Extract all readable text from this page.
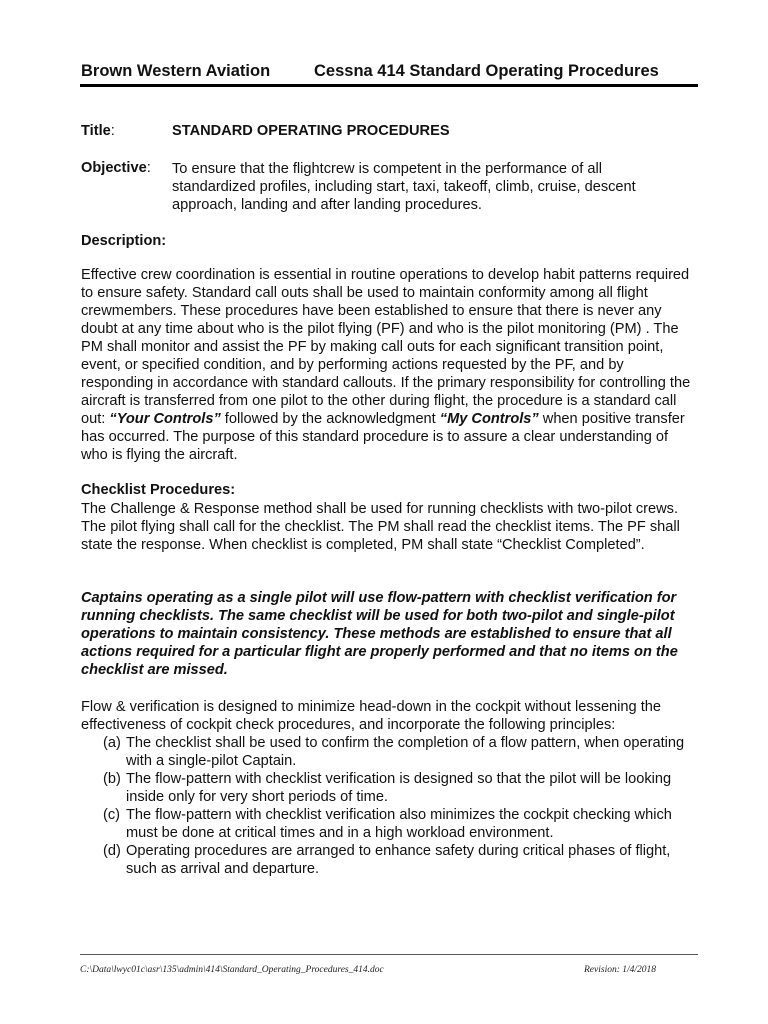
Brown Western Aviation	Cessna 414 Standard Operating Procedures
Title:	STANDARD OPERATING PROCEDURES
Objective: To ensure that the flightcrew is competent in the performance of all
standardized profiles, including start, taxi, takeoff, climb, cruise, descent
approach, landing and after landing procedures.
Description:

Effective crew coordination is essential in routine operations to develop habit patterns required to ensure safety. Standard call outs shall be used to maintain conformity among all flight crewmembers. These procedures have been established to ensure that there is never any doubt at any time about who is the pilot flying (PF) and who is the pilot monitoring (PM) . The PM shall monitor and assist the PF by making call outs for each significant transition point, event, or specified condition, and by performing actions requested by the PF, and by responding in accordance with standard callouts. If the primary responsibility for controlling the aircraft is transferred from one pilot to the other during flight, the procedure is a standard call out: “Your Controls” followed by the acknowledgment “My Controls” when positive transfer has occurred. The purpose of this standard procedure is to assure a clear understanding of who is flying the aircraft.

Checklist Procedures:
The Challenge & Response method shall be used for running checklists with two-pilot crews. The pilot flying shall call for the checklist. The PM shall read the checklist items. The PF shall state the response. When checklist is completed, PM shall state “Checklist Completed”.
Captains operating as a single pilot will use flow-pattern with checklist verification for running checklists. The same checklist will be used for both two-pilot and single-pilot operations to maintain consistency. These methods are established to ensure that all actions required for a particular flight are properly performed and that no items on the checklist are missed.
Flow & verification is designed to minimize head-down in the cockpit without lessening the effectiveness of cockpit check procedures, and incorporate the following principles:
(a) The checklist shall be used to confirm the completion of a flow pattern, when operating with a single-pilot Captain.
(b) The flow-pattern with checklist verification is designed so that the pilot will be looking inside only for very short periods of time.
(c) The flow-pattern with checklist verification also minimizes the cockpit checking which must be done at critical times and in a high workload environment.
(d) Operating procedures are arranged to enhance safety during critical phases of flight, such as arrival and departure.
C:\Data\lwyc01c\asr\135\admin\414\Standard_Operating_Procedures_414.doc	Revision: 1/4/2018
